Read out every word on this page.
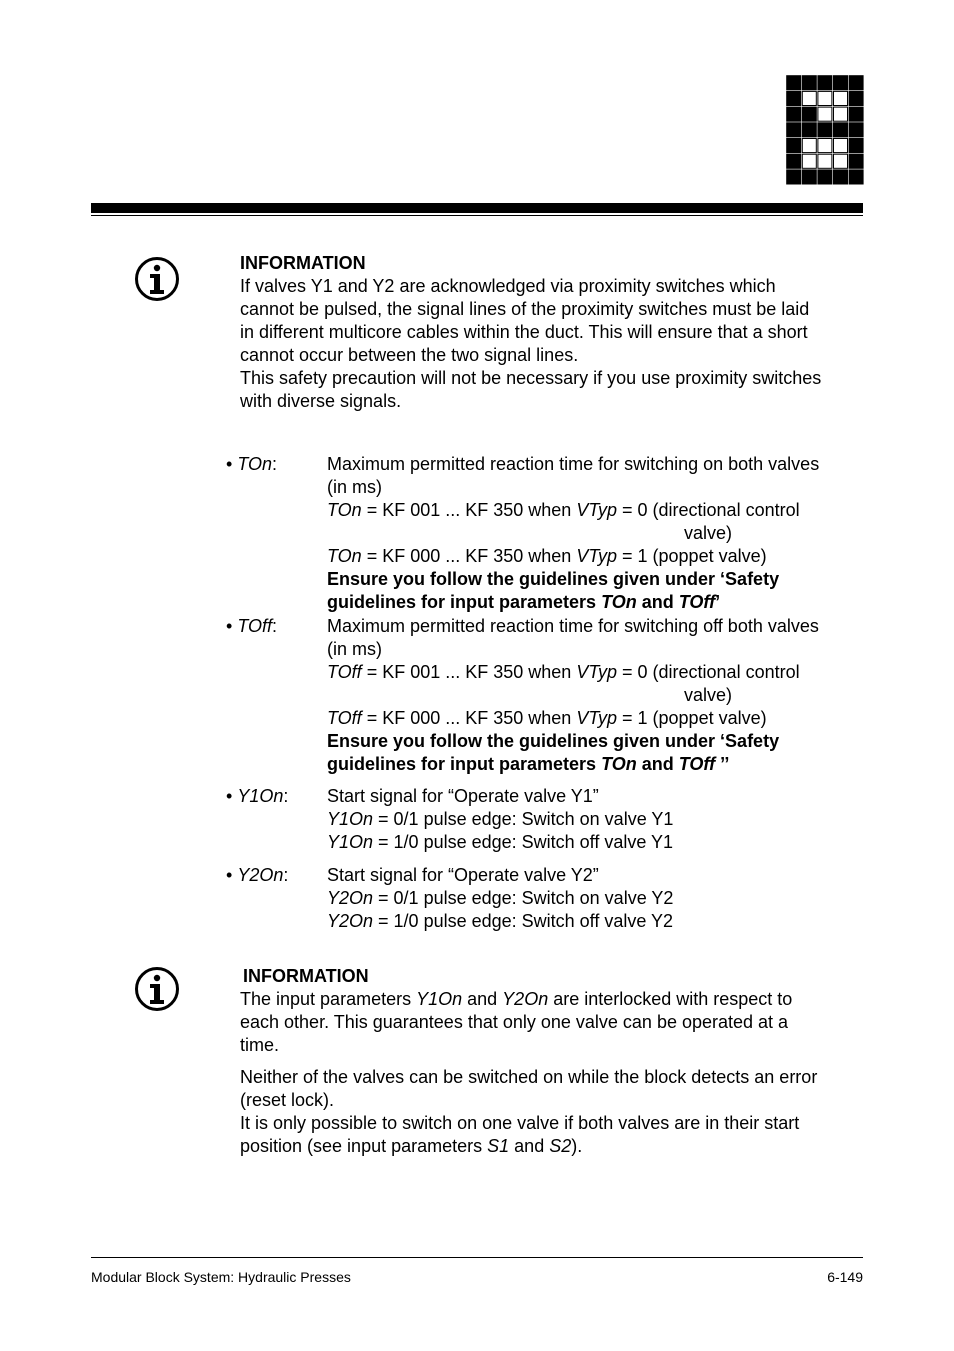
INFORMATION
If valves Y1 and Y2 are acknowledged via proximity switches which
cannot be pulsed, the signal lines of the proximity switches must be laid
in different multicore cables within the duct. This will ensure that a short
cannot occur between the two signal lines.
This safety precaution will not be necessary if you use proximity switches
with diverse signals.
• TOn:	Maximum permitted reaction time for switching on both valves
(in ms)
TOn = KF 001 ... KF 350 when VTyp = 0 (directional control
valve)
TOn = KF 000 ... KF 350 when VTyp = 1 (poppet valve)
Ensure you follow the guidelines given under ‘Safety
guidelines for input parameters TOn and TOff’
• TOff:	Maximum permitted reaction time for switching off both valves
(in ms)
TOff = KF 001 ... KF 350 when VTyp = 0 (directional control
valve)
TOff = KF 000 ... KF 350 when VTyp = 1 (poppet valve)
Ensure you follow the guidelines given under ‘Safety
guidelines for input parameters TOn and TOff ’’
• Y1On: Start signal for “Operate valve Y1”
Y1On = 0/1 pulse edge: Switch on valve Y1
Y1On = 1/0 pulse edge: Switch off valve Y1
• Y2On: Start signal for “Operate valve Y2”
Y2On = 0/1 pulse edge: Switch on valve Y2
Y2On = 1/0 pulse edge: Switch off valve Y2
INFORMATION
The input parameters Y1On and Y2On are interlocked with respect to
each other. This guarantees that only one valve can be operated at a
time.
Neither of the valves can be switched on while the block detects an error
(reset lock).
It is only possible to switch on one valve if both valves are in their start
position (see input parameters S1 and S2).
Modular Block System: Hydraulic Presses	6-149
